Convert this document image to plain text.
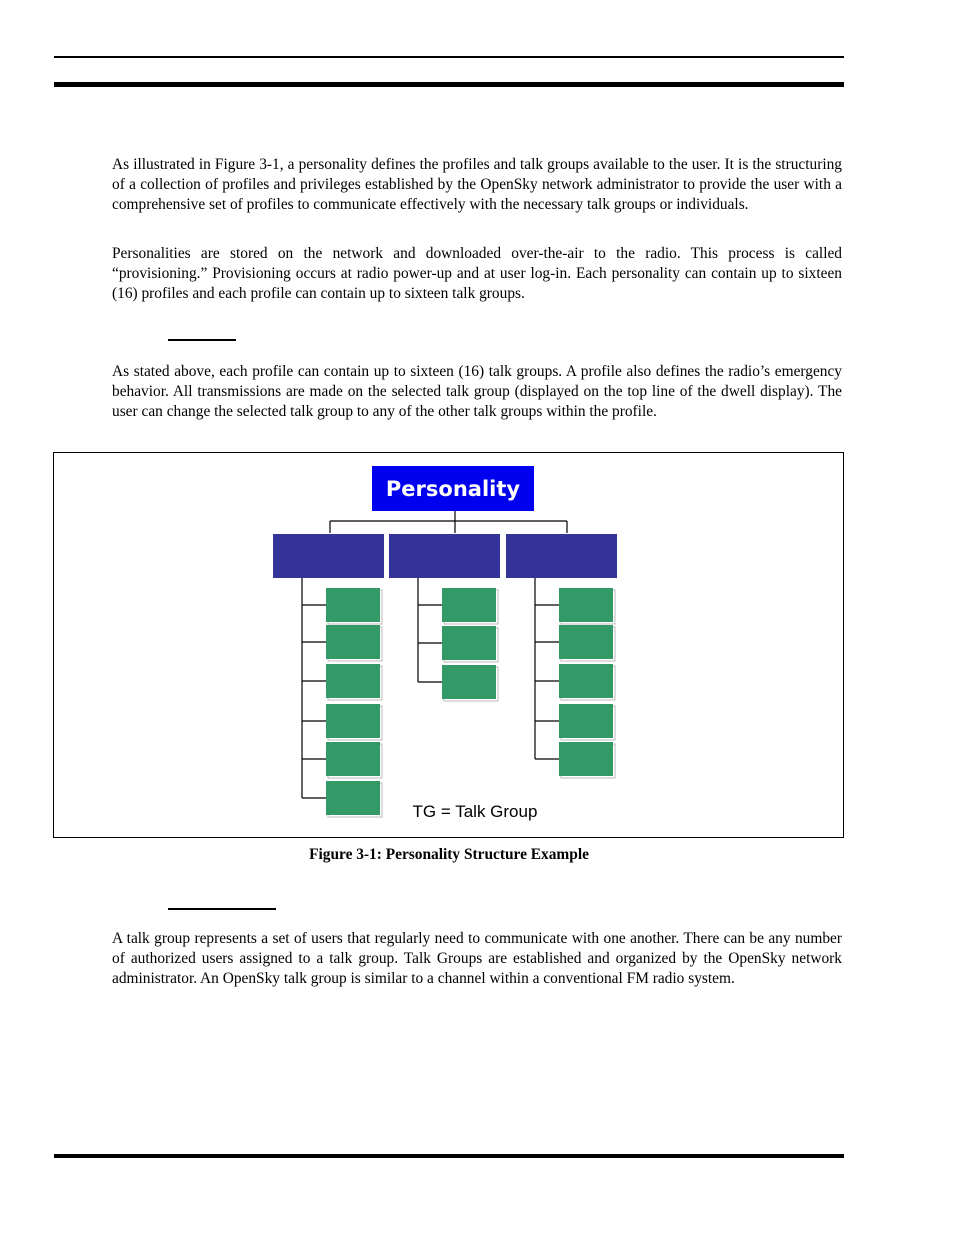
As illustrated in Figure 3-1, a personality defines the profiles and talk groups available to the user. It is the structuring of a collection of profiles and privileges established by the OpenSky network administrator to provide the user with a comprehensive set of profiles to communicate effectively with the necessary talk groups or individuals.

Personalities are stored on the network and downloaded over-the-air to the radio. This process is called “provisioning.” Provisioning occurs at radio power-up and at user log-in. Each personality can contain up to sixteen (16) profiles and each profile can contain up to sixteen talk groups.

As stated above, each profile can contain up to sixteen (16) talk groups. A profile also defines the radio’s emergency behavior. All transmissions are made on the selected talk group (displayed on the top line of the dwell display). The user can change the selected talk group to any of the other talk groups within the profile.

Personality
TG = Talk Group
Figure 3-1: Personality Structure Example

A talk group represents a set of users that regularly need to communicate with one another. There can be any number of authorized users assigned to a talk group. Talk Groups are established and organized by the OpenSky network administrator. An OpenSky talk group is similar to a channel within a conventional FM radio system.
